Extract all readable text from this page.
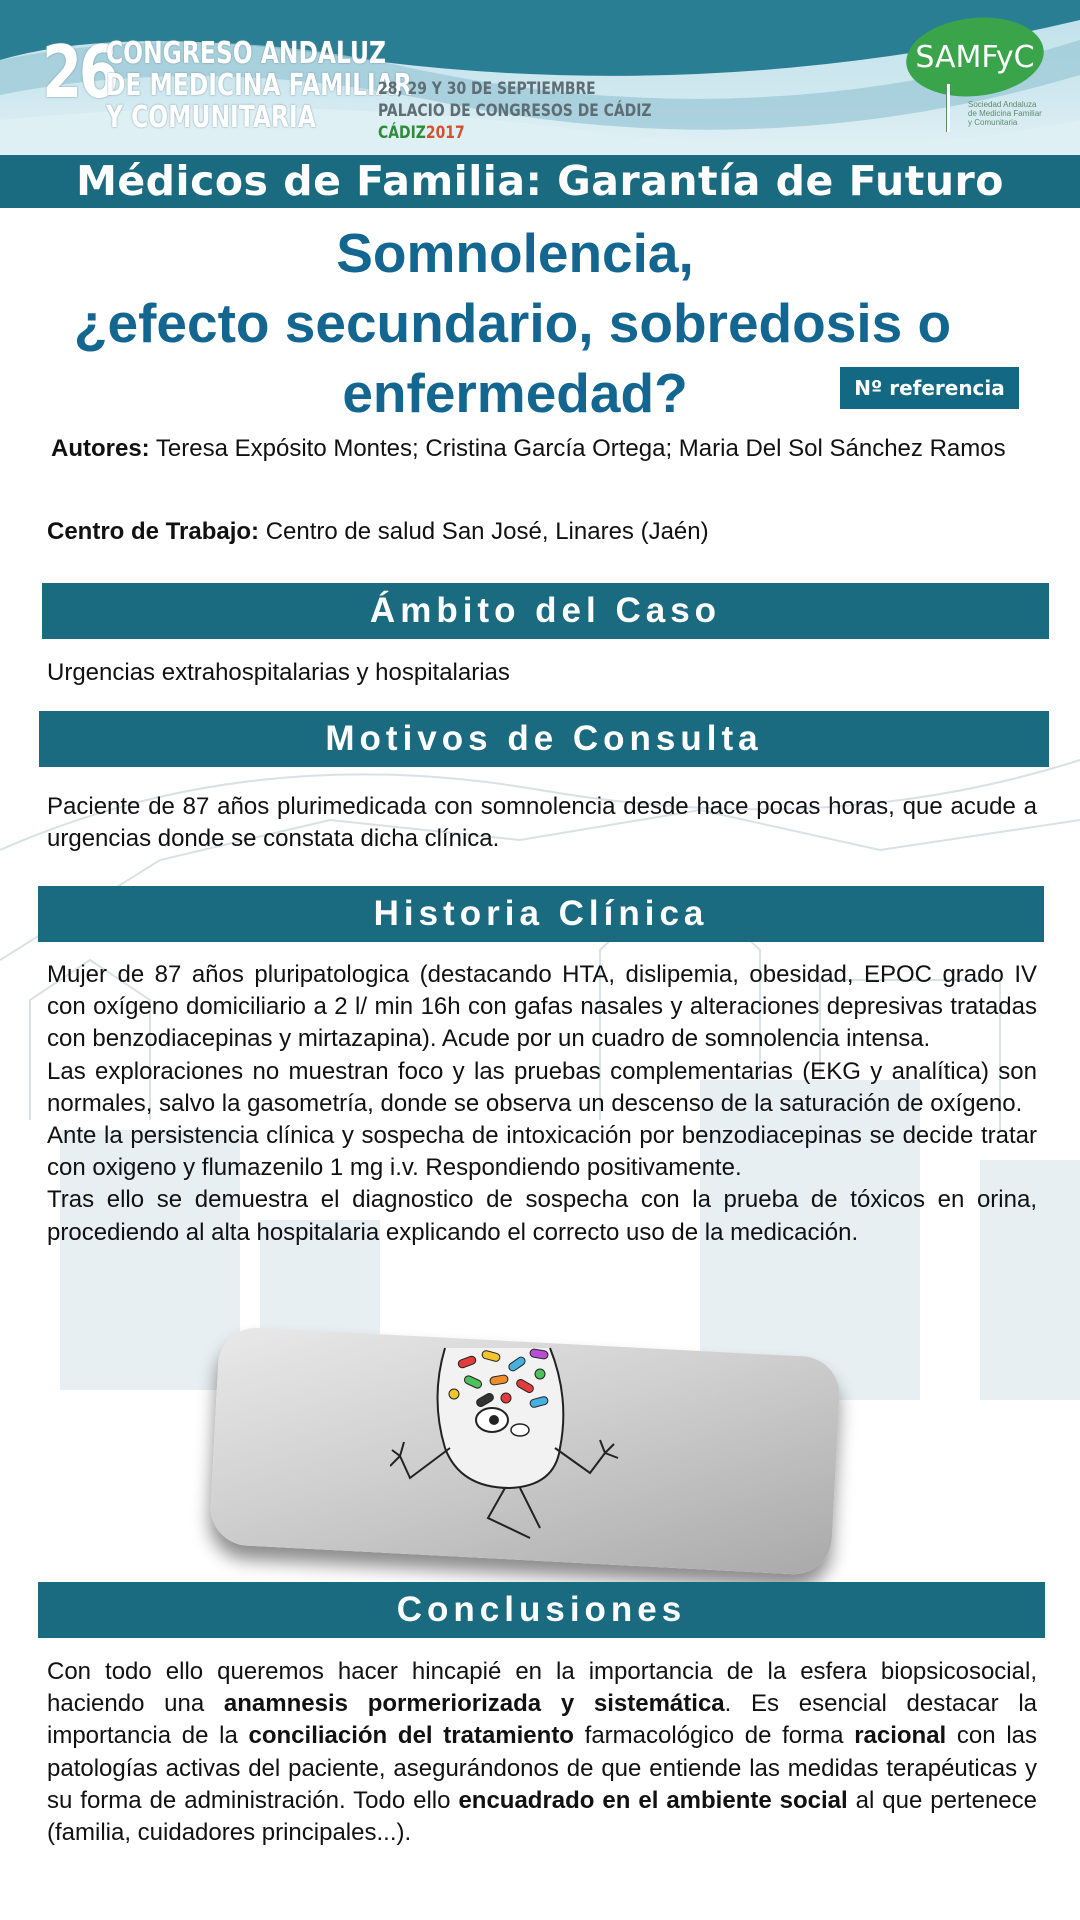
26
CONGRESO ANDALUZ
DE MEDICINA FAMILIAR
Y COMUNITARIA
28, 29 Y 30 DE SEPTIEMBRE
PALACIO DE CONGRESOS DE CÁDIZ
CÁDIZ2017
SAMFyC
Sociedad Andaluza
de Medicina Familiar
y Comunitaria
Médicos de Familia: Garantía de Futuro
Somnolencia,
¿efecto secundario, sobredosis o
enfermedad?	Nº referencia
Autores: Teresa Expósito Montes; Cristina García Ortega; Maria Del Sol Sánchez Ramos
Centro de Trabajo: Centro de salud San José, Linares (Jaén)
Ámbito del Caso
Urgencias extrahospitalarias y hospitalarias
Motivos de Consulta
Paciente de 87 años plurimedicada con somnolencia desde hace pocas horas, que acude a urgencias donde se constata dicha clínica.
Historia Clínica
Mujer de 87 años pluripatologica (destacando HTA, dislipemia, obesidad, EPOC grado IV con oxígeno domiciliario a 2 l/ min 16h con gafas nasales y alteraciones depresivas tratadas con benzodiacepinas y mirtazapina). Acude por un cuadro de somnolencia intensa.
Las exploraciones no muestran foco y las pruebas complementarias (EKG y analítica) son normales, salvo la gasometría, donde se observa un descenso de la saturación de oxígeno.
Ante la persistencia clínica y sospecha de intoxicación por benzodiacepinas se decide tratar con oxigeno y flumazenilo 1 mg i.v. Respondiendo positivamente.
Tras ello se demuestra el diagnostico de sospecha con la prueba de tóxicos en orina, procediendo al alta hospitalaria explicando el correcto uso de la medicación.
Conclusiones
Con todo ello queremos hacer hincapié en la importancia de la esfera biopsicosocial, haciendo una anamnesis pormeriorizada y sistemática. Es esencial destacar la importancia de la conciliación del tratamiento farmacológico de forma racional con las patologías activas del paciente, asegurándonos de que entiende las medidas terapéuticas y su forma de administración. Todo ello encuadrado en el ambiente social al que pertenece (familia, cuidadores principales...).
